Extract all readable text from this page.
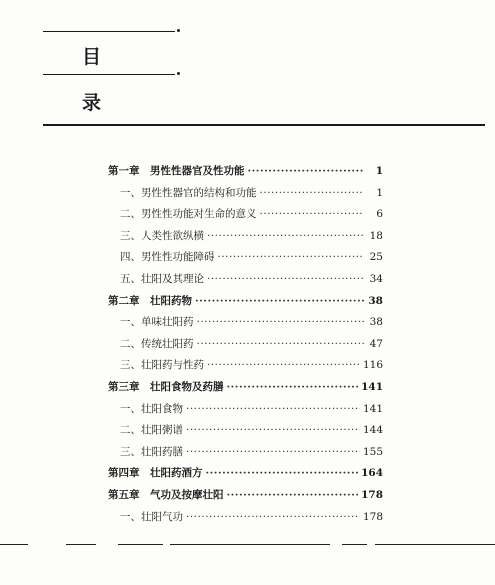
目
录
第一章　男性性器官及性功能 ·····	1
一、男性性器官的结构和功能 ·····	1
二、男性性功能对生命的意义 ·····	6
三、人类性欲纵横 ·····	18
四、男性性功能障碍 ·····	25
五、壮阳及其理论 ·····	34
第二章　壮阳药物 ·····	38
一、单味壮阳药 ·····	38
二、传统壮阳药 ·····	47
三、壮阳药与性药 ·····	116
第三章　壮阳食物及药膳 ·····	141
一、壮阳食物 ·····	141
二、壮阳粥谱 ·····	144
三、壮阳药膳 ·····	155
第四章　壮阳药酒方 ·····	164
第五章　气功及按摩壮阳 ·····	178
一、壮阳气功 ·····	178
